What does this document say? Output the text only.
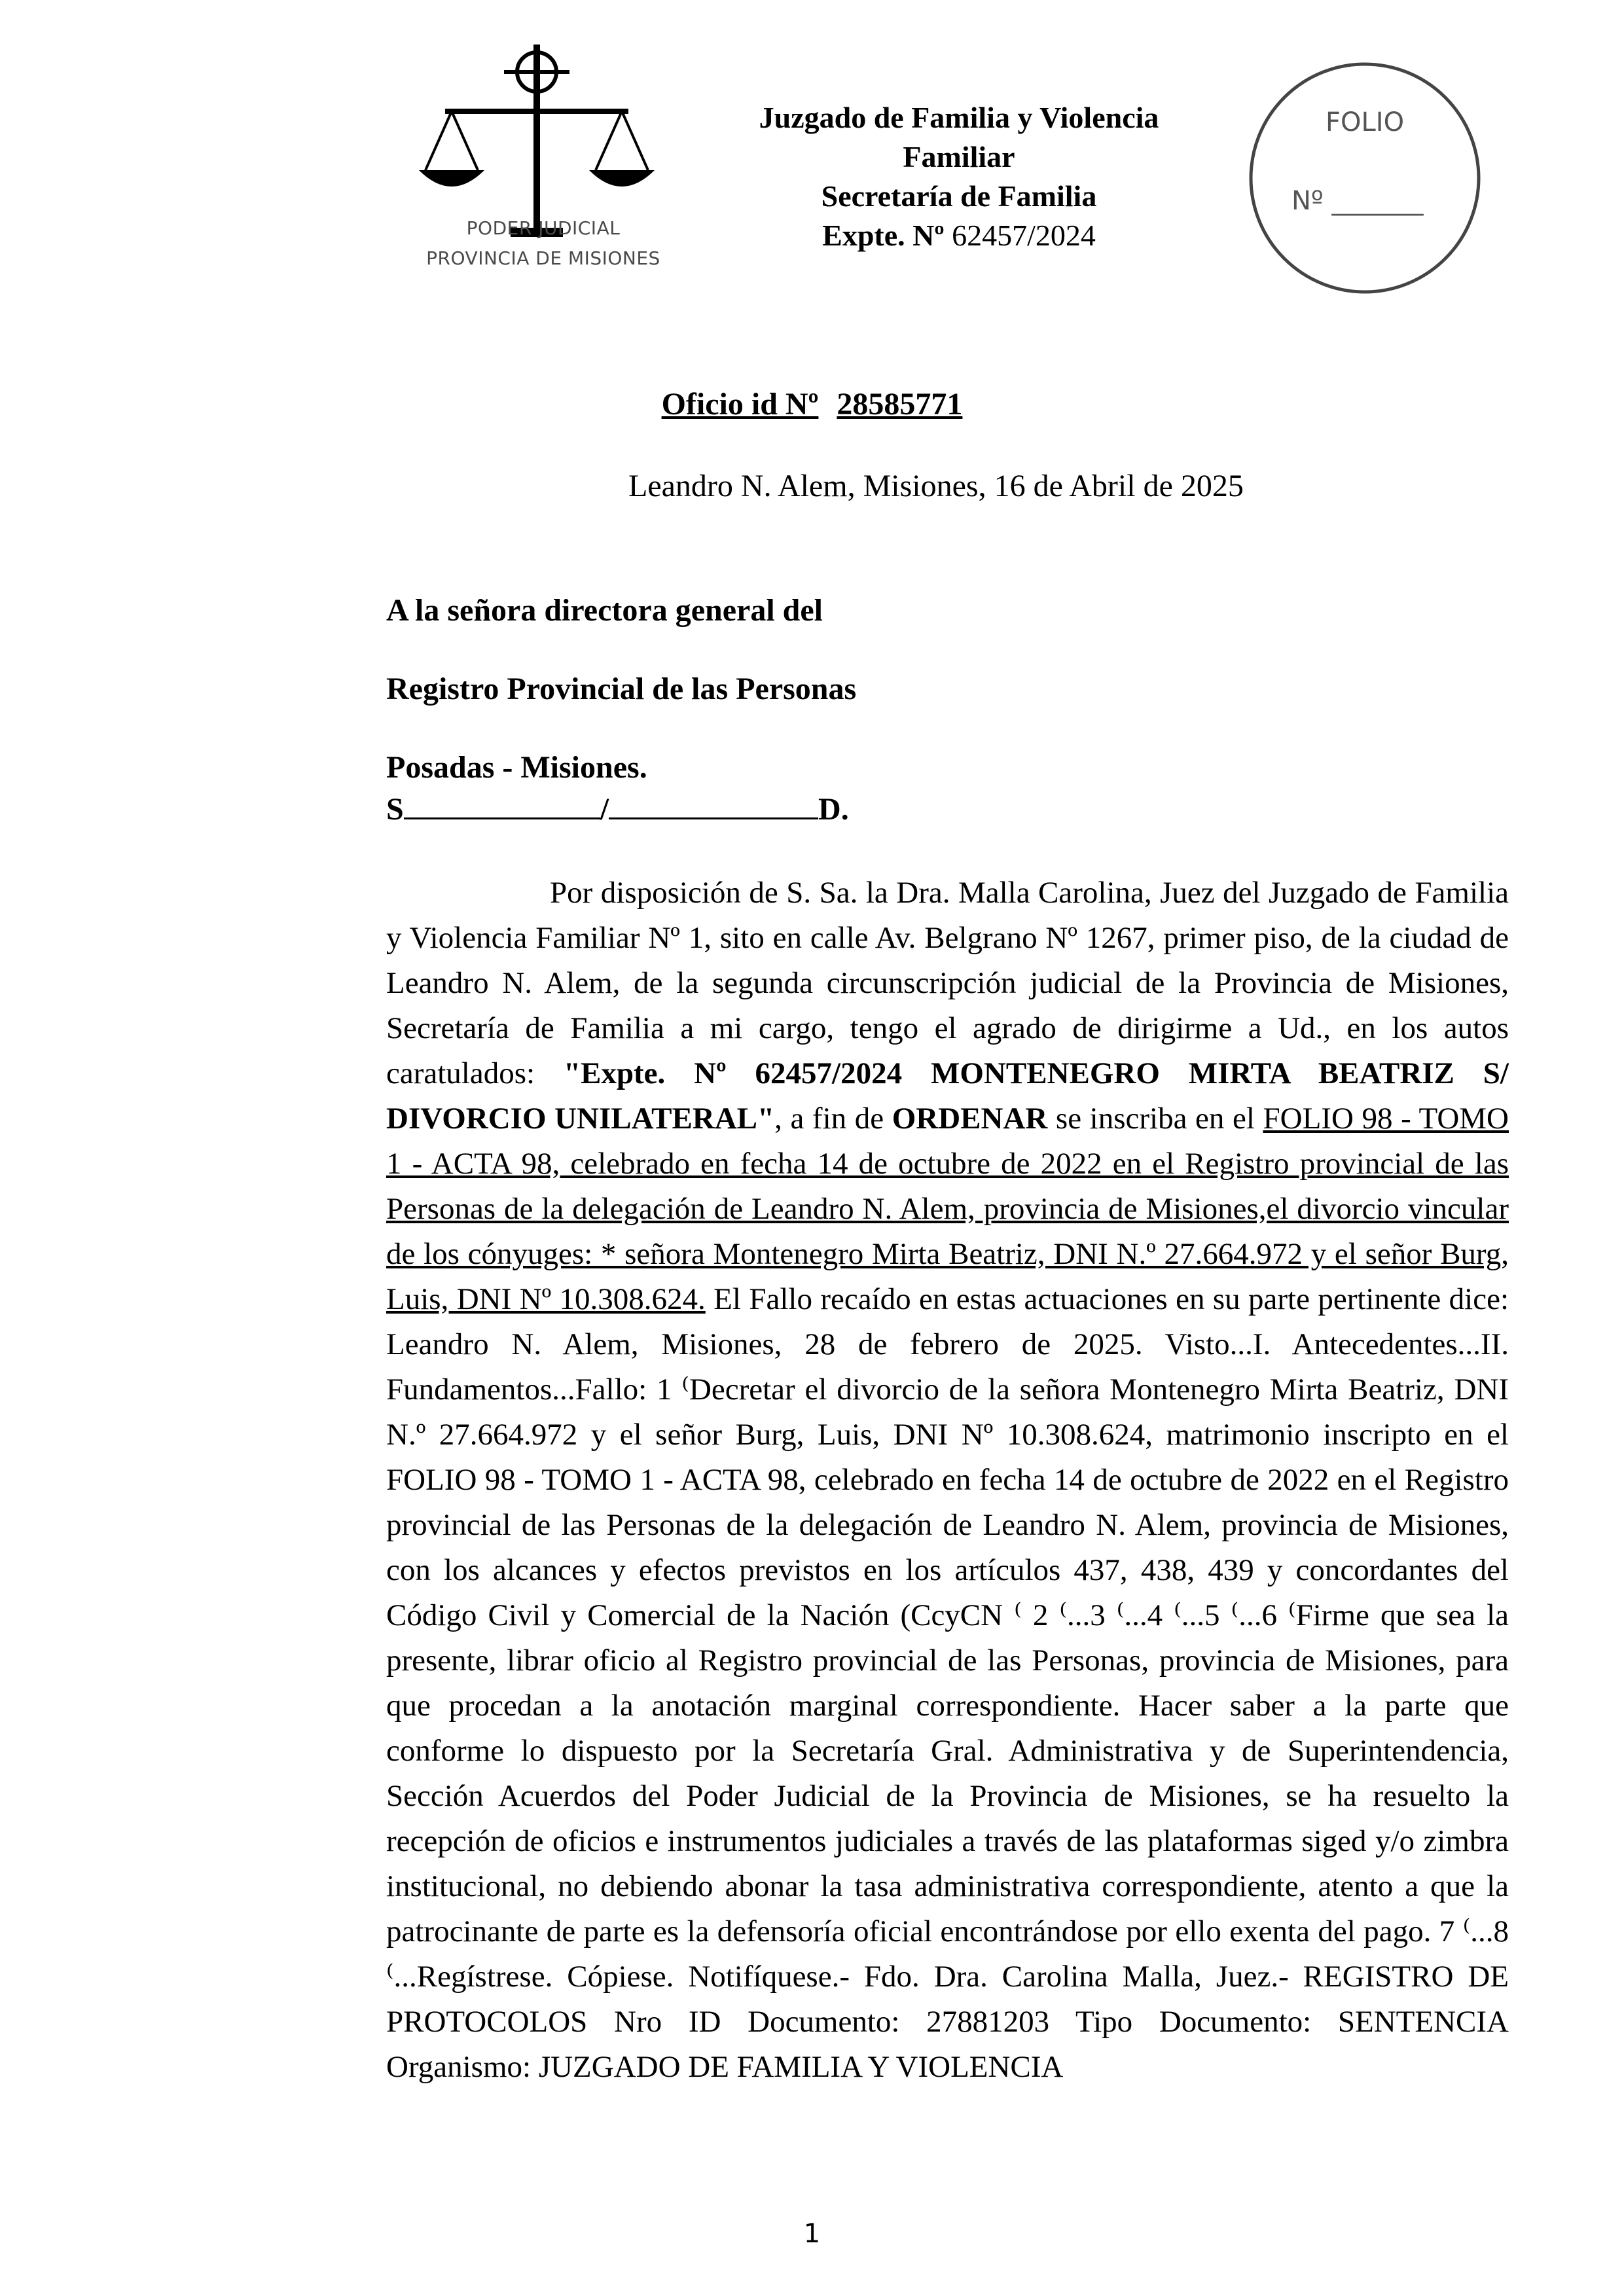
PODER JUDICIAL
PROVINCIA DE MISIONES
Juzgado de Familia y Violencia
Familiar
Secretaría de Familia
Expte. Nº 62457/2024
FOLIO
Nº _______
Oficio id Nº 28585771
Leandro N. Alem, Misiones, 16 de Abril de 2025
A la señora directora general del
Registro Provincial de las Personas
Posadas - Misiones.
S	/	D.

Por disposición de S. Sa. la Dra. Malla Carolina, Juez del Juzgado de Familia y Violencia Familiar Nº 1, sito en calle Av. Belgrano Nº 1267, primer piso, de la ciudad de Leandro N. Alem, de la segunda circunscripción judicial de la Provincia de Misiones, Secretaría de Familia a mi cargo, tengo el agrado de dirigirme a Ud., en los autos caratulados: "Expte. Nº 62457/2024 MONTENEGRO MIRTA BEATRIZ S/ DIVORCIO UNILATERAL", a fin de ORDENAR se inscriba en el FOLIO 98 - TOMO 1 - ACTA 98, celebrado en fecha 14 de octubre de 2022 en el Registro provincial de las Personas de la delegación de Leandro N. Alem, provincia de Misiones,el divorcio vincular de los cónyuges: * señora Montenegro Mirta Beatriz, DNI N.º 27.664.972 y el señor Burg, Luis, DNI Nº 10.308.624. El Fallo recaído en estas actuaciones en su parte pertinente dice: Leandro N. Alem, Misiones, 28 de febrero de 2025. Visto...I. Antecedentes...II. Fundamentos...Fallo: 1 ⁽Decretar el divorcio de la señora Montenegro Mirta Beatriz, DNI N.º 27.664.972 y el señor Burg, Luis, DNI Nº 10.308.624, matrimonio inscripto en el FOLIO 98 - TOMO 1 - ACTA 98, celebrado en fecha 14 de octubre de 2022 en el Registro provincial de las Personas de la delegación de Leandro N. Alem, provincia de Misiones, con los alcances y efectos previstos en los artículos 437, 438, 439 y concordantes del Código Civil y Comercial de la Nación (CcyCN ⁽ 2 ⁽...3 ⁽...4 ⁽...5 ⁽...6 ⁽Firme que sea la presente, librar oficio al Registro provincial de las Personas, provincia de Misiones, para que procedan a la anotación marginal correspondiente. Hacer saber a la parte que conforme lo dispuesto por la Secretaría Gral. Administrativa y de Superintendencia, Sección Acuerdos del Poder Judicial de la Provincia de Misiones, se ha resuelto la recepción de oficios e instrumentos judiciales a través de las plataformas siged y/o zimbra institucional, no debiendo abonar la tasa administrativa correspondiente, atento a que la patrocinante de parte es la defensoría oficial encontrándose por ello exenta del pago. 7 ⁽...8 ⁽...Regístrese. Cópiese. Notifíquese.- Fdo. Dra. Carolina Malla, Juez.- REGISTRO DE PROTOCOLOS Nro ID Documento: 27881203 Tipo Documento: SENTENCIA Organismo: JUZGADO DE FAMILIA Y VIOLENCIA

1
